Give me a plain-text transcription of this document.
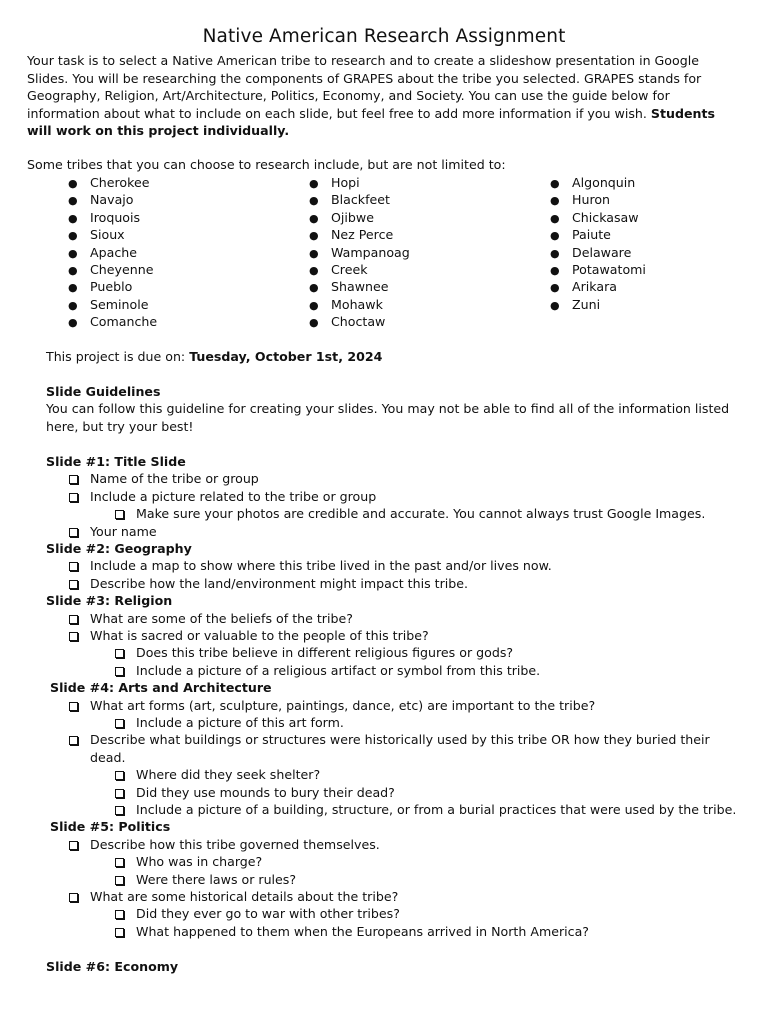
Native American Research Assignment
Your task is to select a Native American tribe to research and to create a slideshow presentation in Google Slides. You will be researching the components of GRAPES about the tribe you selected. GRAPES stands for Geography, Religion, Art/Architecture, Politics, Economy, and Society. You can use the guide below for information about what to include on each slide, but feel free to add more information if you wish. Students will work on this project individually.
Some tribes that you can choose to research include, but are not limited to:
● Cherokee
● Navajo
● Iroquois
● Sioux
● Apache
● Cheyenne
● Pueblo
● Seminole
● Comanche
● Hopi
● Blackfeet
● Ojibwe
● Nez Perce
● Wampanoag
● Creek
● Shawnee
● Mohawk
● Choctaw
● Algonquin
● Huron
● Chickasaw
● Paiute
● Delaware
● Potawatomi
● Arikara
● Zuni
This project is due on: Tuesday, October 1st, 2024
Slide Guidelines
You can follow this guideline for creating your slides. You may not be able to find all of the information listed here, but try your best!
Slide #1: Title Slide
Name of the tribe or group
Include a picture related to the tribe or group
Make sure your photos are credible and accurate. You cannot always trust Google Images.
Your name
Slide #2: Geography
Include a map to show where this tribe lived in the past and/or lives now.
Describe how the land/environment might impact this tribe.
Slide #3: Religion
What are some of the beliefs of the tribe?
What is sacred or valuable to the people of this tribe?
Does this tribe believe in different religious figures or gods?
Include a picture of a religious artifact or symbol from this tribe.
Slide #4: Arts and Architecture
What art forms (art, sculpture, paintings, dance, etc) are important to the tribe?
Include a picture of this art form.
Describe what buildings or structures were historically used by this tribe OR how they buried their dead.
Where did they seek shelter?
Did they use mounds to bury their dead?
Include a picture of a building, structure, or from a burial practices that were used by the tribe.
Slide #5: Politics
Describe how this tribe governed themselves.
Who was in charge?
Were there laws or rules?
What are some historical details about the tribe?
Did they ever go to war with other tribes?
What happened to them when the Europeans arrived in North America?
Slide #6: Economy
